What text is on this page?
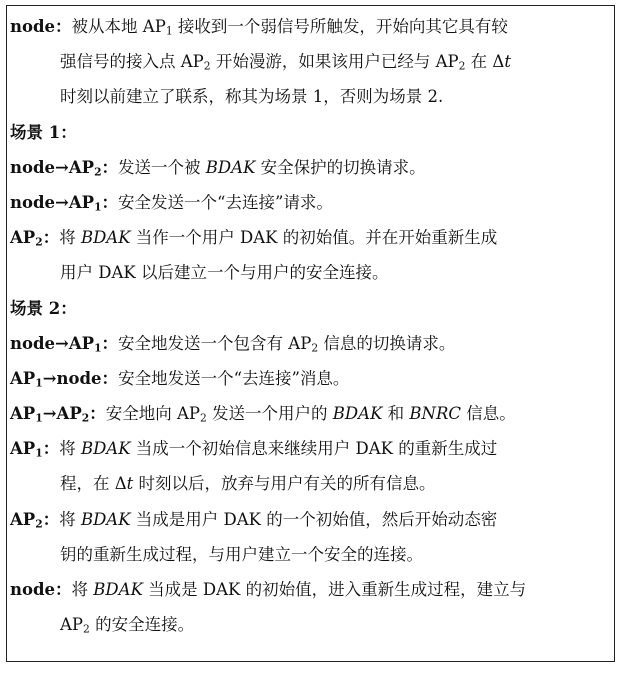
node：被从本地 $AP_1$ 接收到一个弱信号所触发，开始向其它具有较
强信号的接入点 $AP_2$ 开始漫游，如果该用户已经与 $AP_2$ 在 Δt
时刻以前建立了联系，称其为场景 1，否则为场景 2.
场景 1：
$node\to AP_2$：发送一个被 BDAK 安全保护的切换请求。
$node\to AP_1$：安全发送一个“去连接”请求。
$AP_2$：将 BDAK 当作一个用户 DAK 的初始值。并在开始重新生成
用户 DAK 以后建立一个与用户的安全连接。
场景 2：
$node\to AP_1$：安全地发送一个包含有 $AP_2$ 信息的切换请求。
$AP_1\to node$：安全地发送一个“去连接”消息。
$AP_1\to AP_2$：安全地向 $AP_2$ 发送一个用户的 BDAK 和 BNRC 信息。
$AP_1$：将 BDAK 当成一个初始信息来继续用户 DAK 的重新生成过
程，在 Δt 时刻以后，放弃与用户有关的所有信息。
$AP_2$：将 BDAK 当成是用户 DAK 的一个初始值，然后开始动态密
钥的重新生成过程，与用户建立一个安全的连接。
node：将 BDAK 当成是 DAK 的初始值，进入重新生成过程，建立与
$AP_2$ 的安全连接。
